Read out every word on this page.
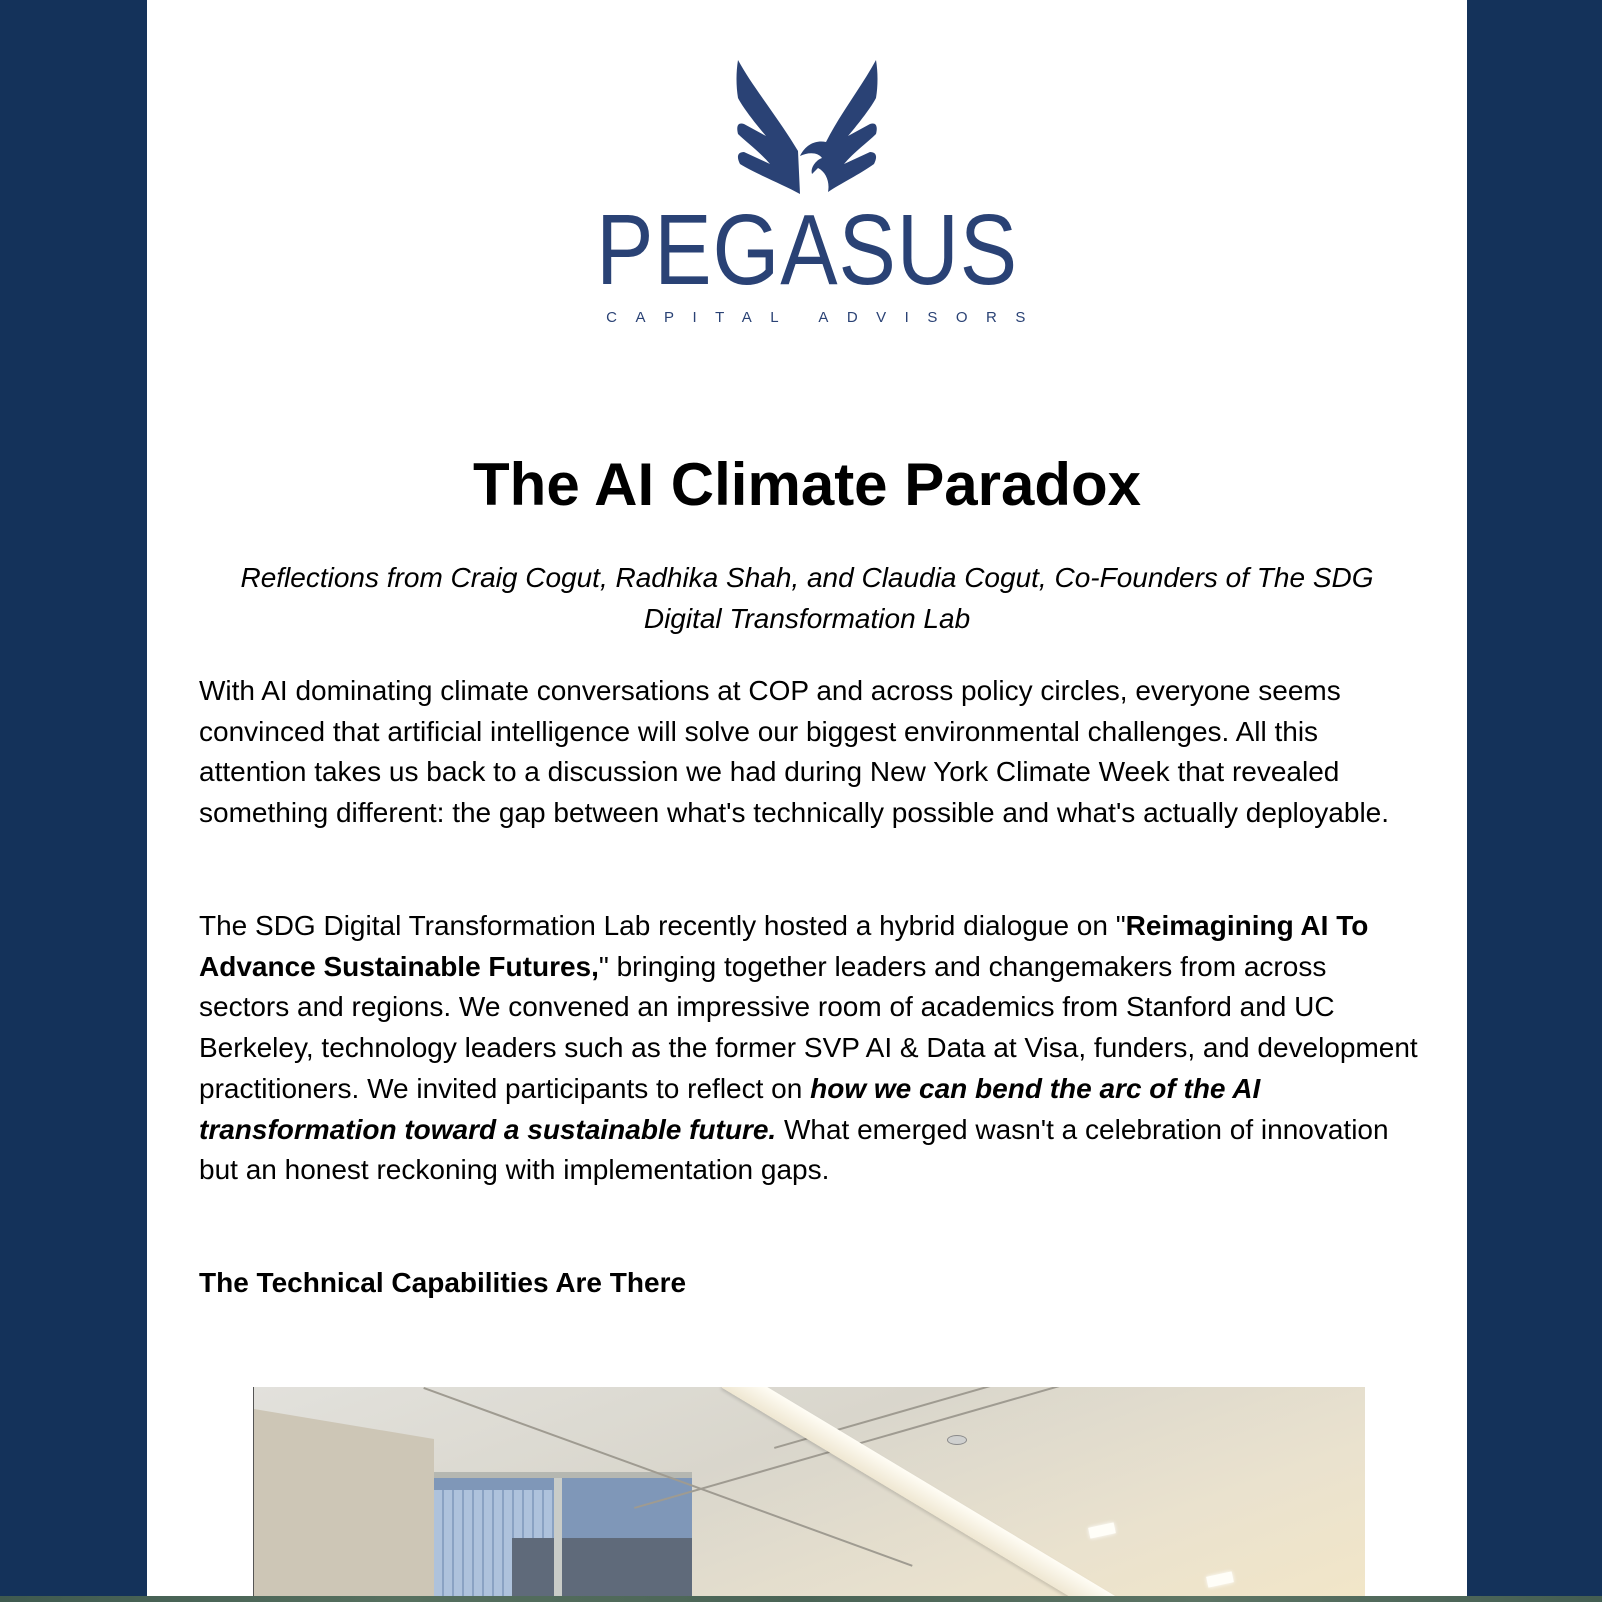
PEGASUS
CAPITAL ADVISORS
The AI Climate Paradox

Reflections from Craig Cogut, Radhika Shah, and Claudia Cogut, Co-Founders of The SDG Digital Transformation Lab

With AI dominating climate conversations at COP and across policy circles, everyone seems convinced that artificial intelligence will solve our biggest environmental challenges. All this attention takes us back to a discussion we had during New York Climate Week that revealed something different: the gap between what's technically possible and what's actually deployable.

The SDG Digital Transformation Lab recently hosted a hybrid dialogue on "Reimagining AI To Advance Sustainable Futures," bringing together leaders and changemakers from across sectors and regions. We convened an impressive room of academics from Stanford and UC Berkeley, technology leaders such as the former SVP AI & Data at Visa, funders, and development practitioners. We invited participants to reflect on how we can bend the arc of the AI transformation toward a sustainable future. What emerged wasn't a celebration of innovation but an honest reckoning with implementation gaps.

The Technical Capabilities Are There
